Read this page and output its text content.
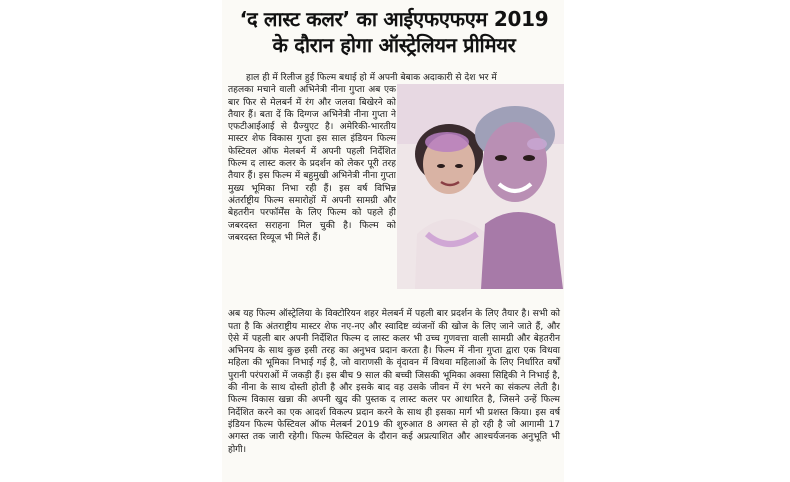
‘द लास्ट कलर’ का आईएफएफएम 2019
के दौरान होगा ऑस्ट्रेलियन प्रीमियर

हाल ही में रिलीज हुई फिल्म बधाई हो में अपनी बेबाक अदाकारी से देश भर में

तहलका मचाने वाली अभिनेत्री नीना गुप्ता अब एक बार फिर से मेलबर्न में रंग और जलवा बिखेरने को तैयार हैं। बता दें कि दिग्गज अभिनेत्री नीना गुप्ता ने एफटीआईआई से ग्रैज्युएट है। अमेरिकी-भारतीय मास्टर शेफ विकास गुप्ता इस साल इंडियन फिल्म फेस्टिवल ऑफ मेलबर्न में अपनी पहली निर्देशित फिल्म द लास्ट कलर के प्रदर्शन को लेकर पूरी तरह तैयार हैं। इस फिल्म में बहुमुखी अभिनेत्री नीना गुप्ता मुख्य भूमिका निभा रही हैं। इस वर्ष विभिन्न अंतर्राष्ट्रीय फिल्म समारोहों में अपनी सामग्री और बेहतरीन परफॉर्मेंस के लिए फिल्म को पहले ही जबरदस्त सराहना मिल चुकी है। फिल्म को जबरदस्त रिव्यूज भी मिले हैं।

अब यह फिल्म ऑस्ट्रेलिया के विक्टोरियन शहर मेलबर्न में पहली बार प्रदर्शन के लिए तैयार है। सभी को पता है कि अंतराष्ट्रीय मास्टर शेफ नए-नए और स्वादिष्ट व्यंजनों की खोज के लिए जाने जाते हैं, और ऐसे में पहली बार अपनी निर्देशित फिल्म द लास्ट कलर भी उच्च गुणवत्ता वाली सामग्री और बेहतरीन अभिनय के साथ कुछ इसी तरह का अनुभव प्रदान करता है। फिल्म में नीना गुप्ता द्वारा एक विधवा महिला की भूमिका निभाई गई है, जो वाराणसी के वृंदावन में विधवा महिलाओं के लिए निर्धारित वर्षों पुरानी परंपराओं में जकड़ी हैं। इस बीच 9 साल की बच्ची जिसकी भूमिका अक्सा सिद्दिकी ने निभाई है, की नीना के साथ दोस्ती होती है और इसके बाद वह उसके जीवन में रंग भरने का संकल्प लेती है। फिल्म विकास खन्ना की अपनी खुद की पुस्तक द लास्ट कलर पर आधारित है, जिसने उन्हें फिल्म निर्देशित करने का एक आदर्श विकल्प प्रदान करने के साथ ही इसका मार्ग भी प्रशस्त किया। इस वर्ष इंडियन फिल्म फेस्टिवल ऑफ मेलबर्न 2019 की शुरुआत 8 अगस्त से हो रही है जो आगामी 17 अगस्त तक जारी रहेगी। फिल्म फेस्टिवल के दौरान कई अप्रत्याशित और आश्चर्यजनक अनुभूति भी होगी।
